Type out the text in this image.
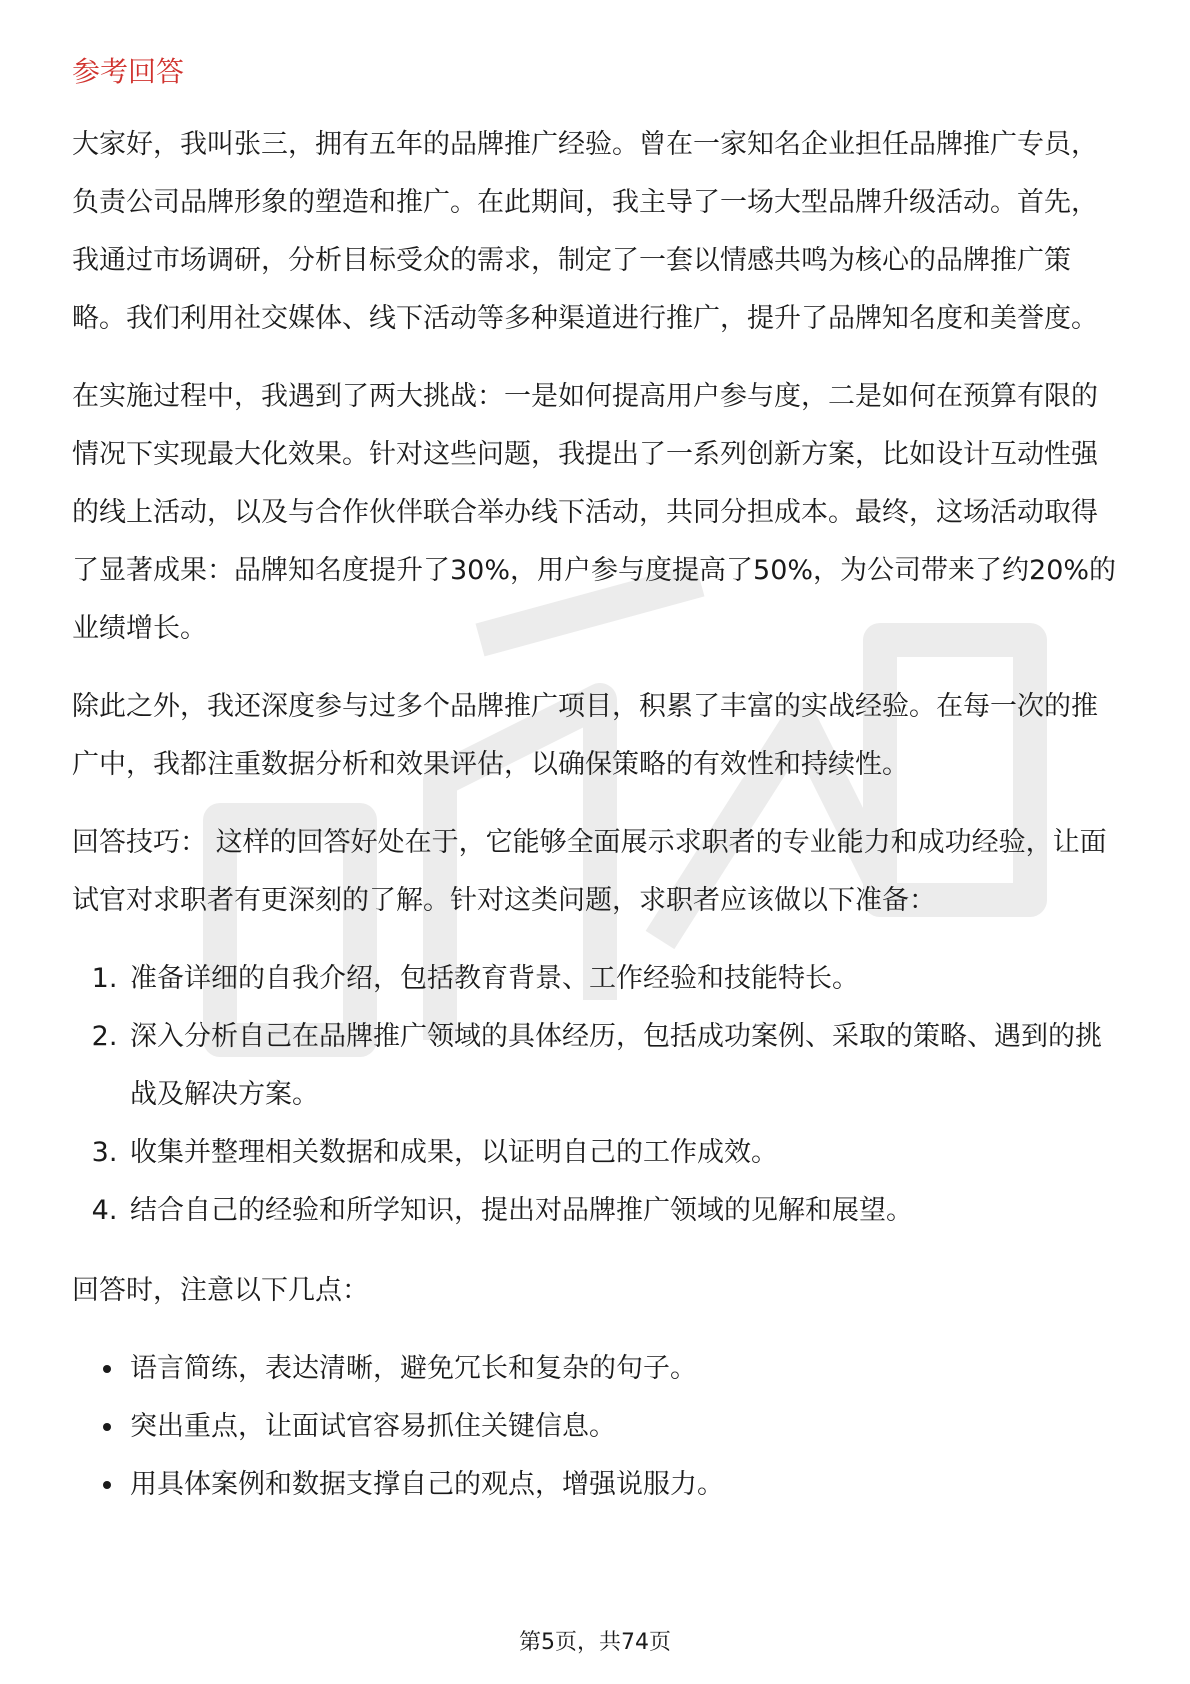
参考回答

大家好，我叫张三，拥有五年的品牌推广经验。曾在一家知名企业担任品牌推广专员，负责公司品牌形象的塑造和推广。在此期间，我主导了一场大型品牌升级活动。首先，我通过市场调研，分析目标受众的需求，制定了一套以情感共鸣为核心的品牌推广策略。我们利用社交媒体、线下活动等多种渠道进行推广，提升了品牌知名度和美誉度。

在实施过程中，我遇到了两大挑战：一是如何提高用户参与度，二是如何在预算有限的情况下实现最大化效果。针对这些问题，我提出了一系列创新方案，比如设计互动性强的线上活动，以及与合作伙伴联合举办线下活动，共同分担成本。最终，这场活动取得了显著成果：品牌知名度提升了30%，用户参与度提高了50%，为公司带来了约20%的业绩增长。

除此之外，我还深度参与过多个品牌推广项目，积累了丰富的实战经验。在每一次的推广中，我都注重数据分析和效果评估，以确保策略的有效性和持续性。

回答技巧： 这样的回答好处在于，它能够全面展示求职者的专业能力和成功经验，让面试官对求职者有更深刻的了解。针对这类问题，求职者应该做以下准备：

1. 准备详细的自我介绍，包括教育背景、工作经验和技能特长。
2. 深入分析自己在品牌推广领域的具体经历，包括成功案例、采取的策略、遇到的挑战及解决方案。
3. 收集并整理相关数据和成果，以证明自己的工作成效。
4. 结合自己的经验和所学知识，提出对品牌推广领域的见解和展望。

回答时，注意以下几点：

• 语言简练，表达清晰，避免冗长和复杂的句子。
• 突出重点，让面试官容易抓住关键信息。
• 用具体案例和数据支撑自己的观点，增强说服力。
第5页，共74页
